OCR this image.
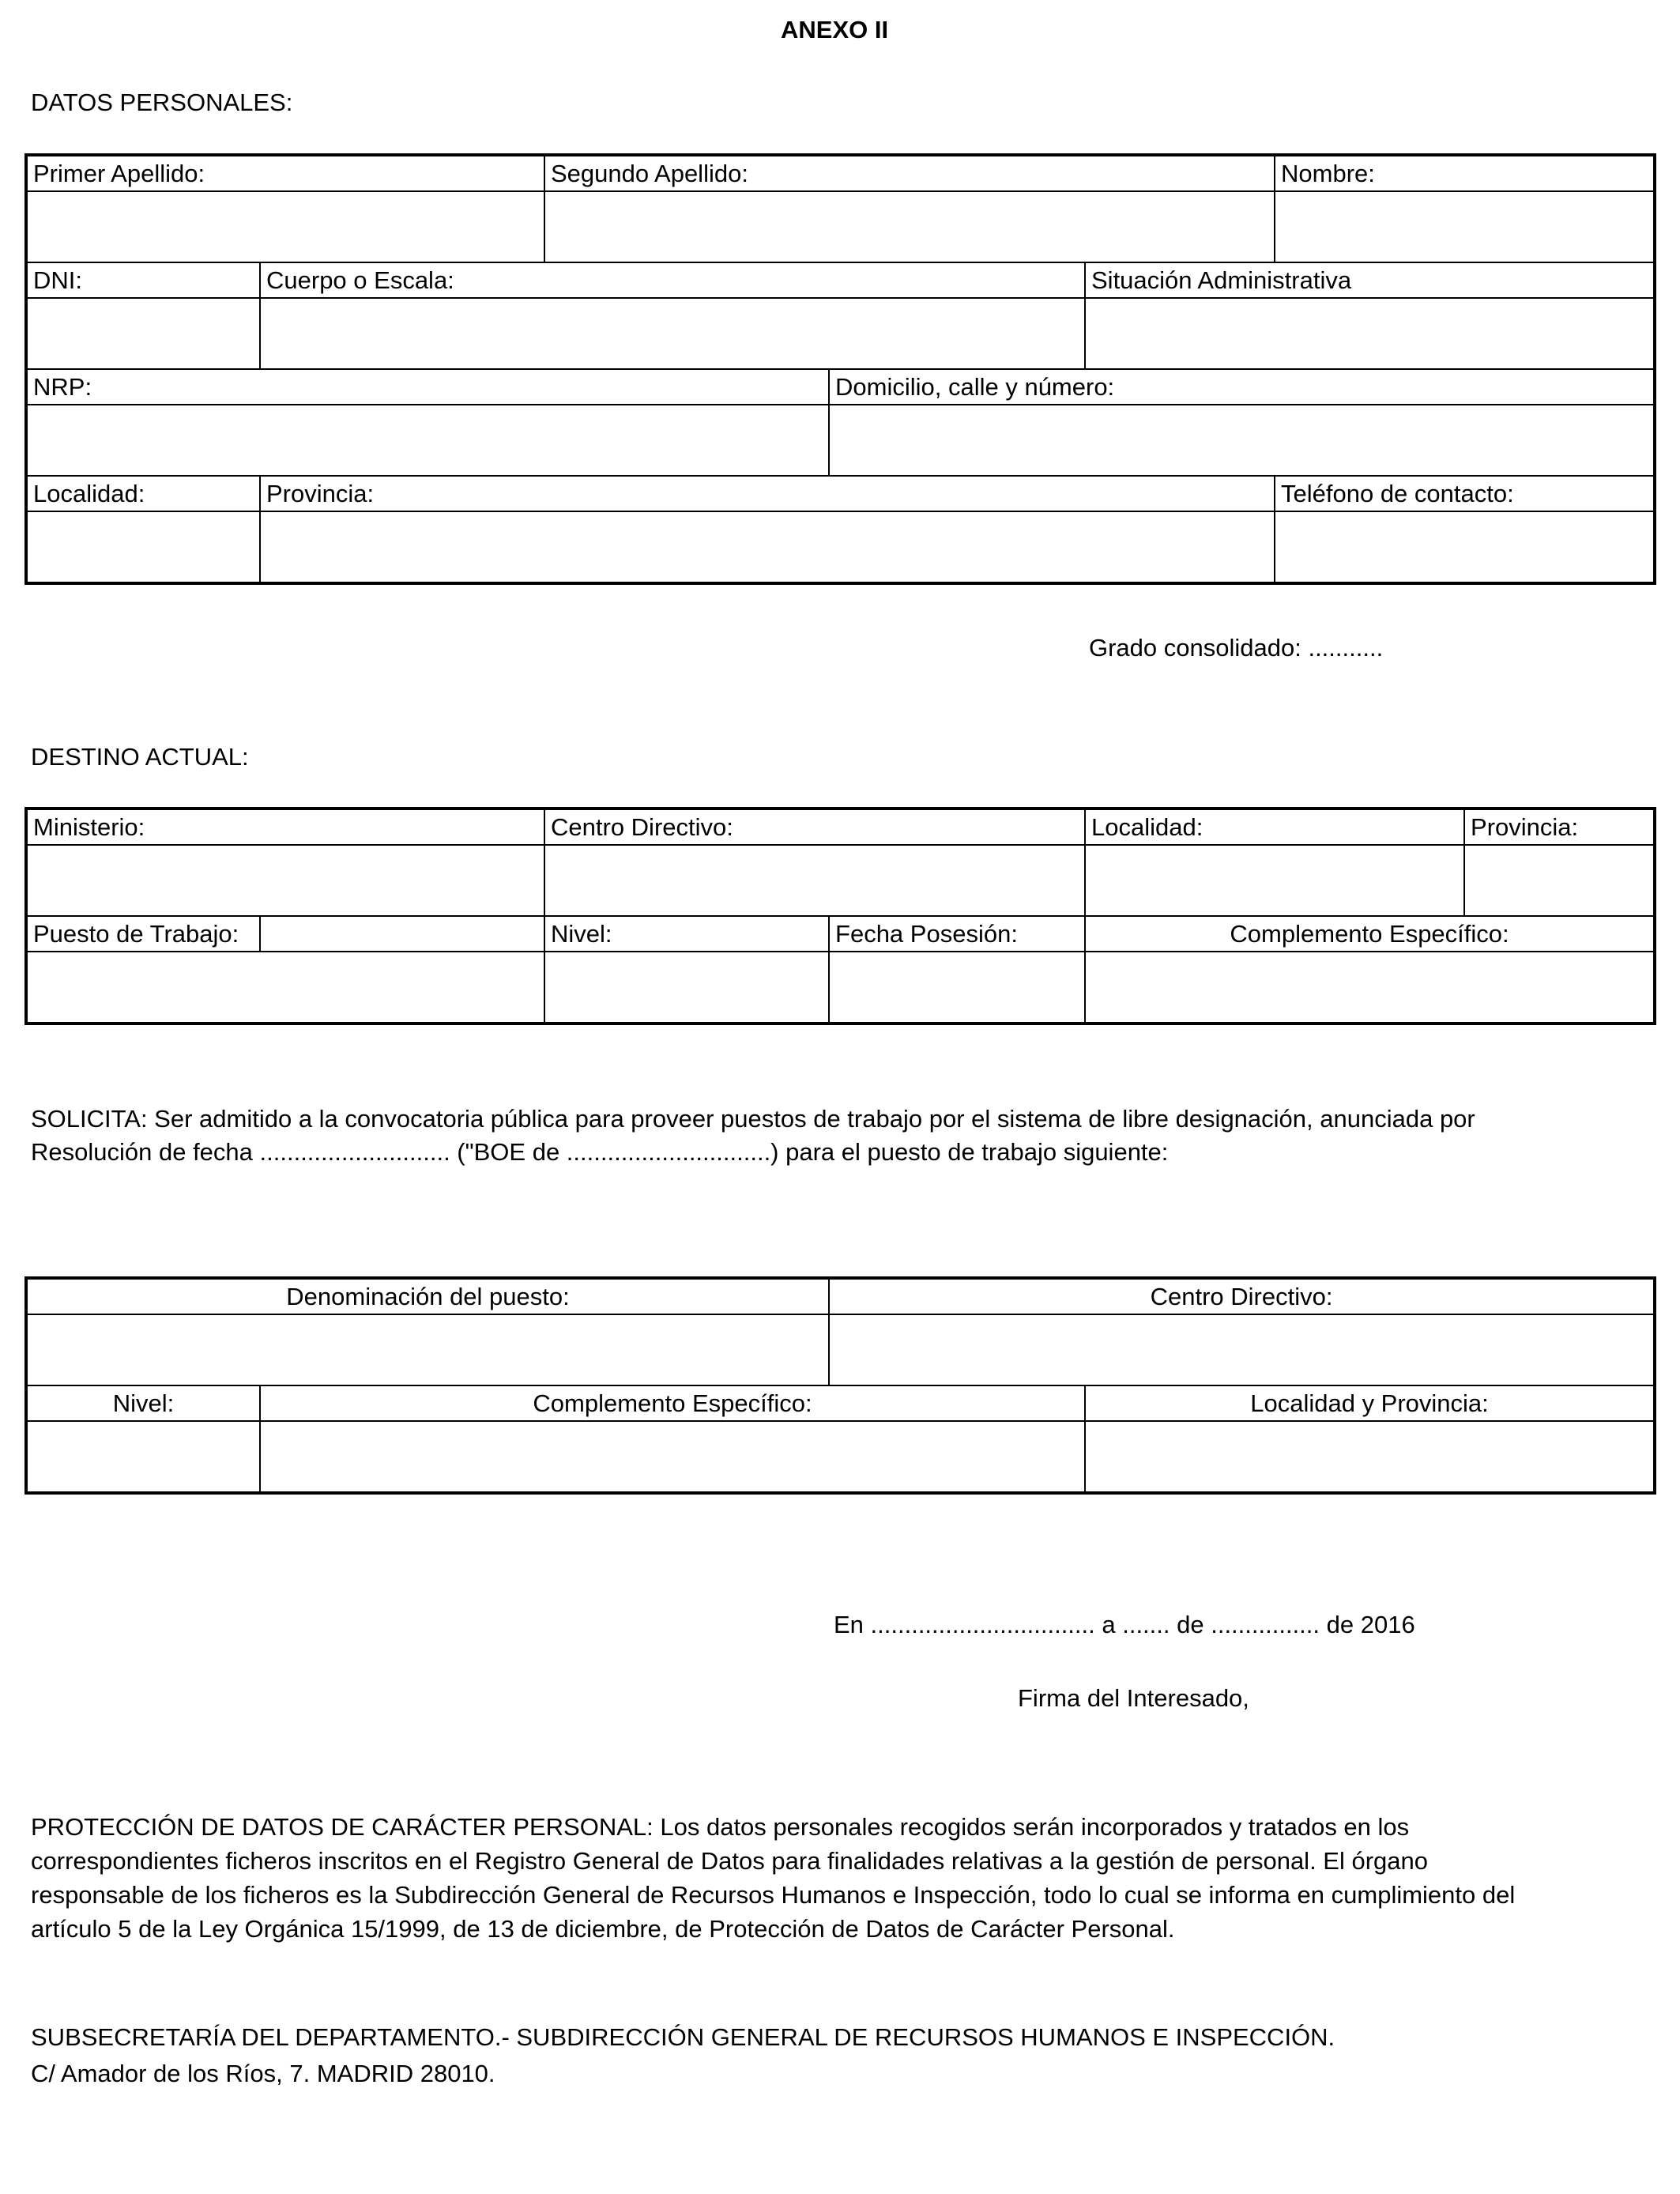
ANEXO II
DATOS PERSONALES:
Primer Apellido:		Segundo Apellido:			Nombre:

DNI:	Cuerpo o Escala:			Situación Administrativa	

NRP:			Domicilio, calle y número:		

Localidad:	Provincia:				Teléfono de contacto:

Grado consolidado: ...........
DESTINO ACTUAL:
Ministerio:		Centro Directivo:		Localidad:	Provincia:

Puesto de Trabajo:		Nivel:	Fecha Posesión:	Complemento Específico:	

SOLICITA: Ser admitido a la convocatoria pública para proveer puestos de trabajo por el sistema de libre designación, anunciada por
Resolución de fecha ............................ ("BOE de ..............................) para el puesto de trabajo siguiente:
Denominación del puesto:		Centro Directivo:	

Nivel:	Complemento Específico:		Localidad y Provincia:

En ................................. a ....... de ................ de 2016
Firma del Interesado,
PROTECCIÓN DE DATOS DE CARÁCTER PERSONAL: Los datos personales recogidos serán incorporados y tratados en los
correspondientes ficheros inscritos en el Registro General de Datos para finalidades relativas a la gestión de personal. El órgano
responsable de los ficheros es la Subdirección General de Recursos Humanos e Inspección, todo lo cual se informa en cumplimiento del
artículo 5 de la Ley Orgánica 15/1999, de 13 de diciembre, de Protección de Datos de Carácter Personal.
SUBSECRETARÍA DEL DEPARTAMENTO.- SUBDIRECCIÓN GENERAL DE RECURSOS HUMANOS E INSPECCIÓN.
C/ Amador de los Ríos, 7. MADRID 28010.
